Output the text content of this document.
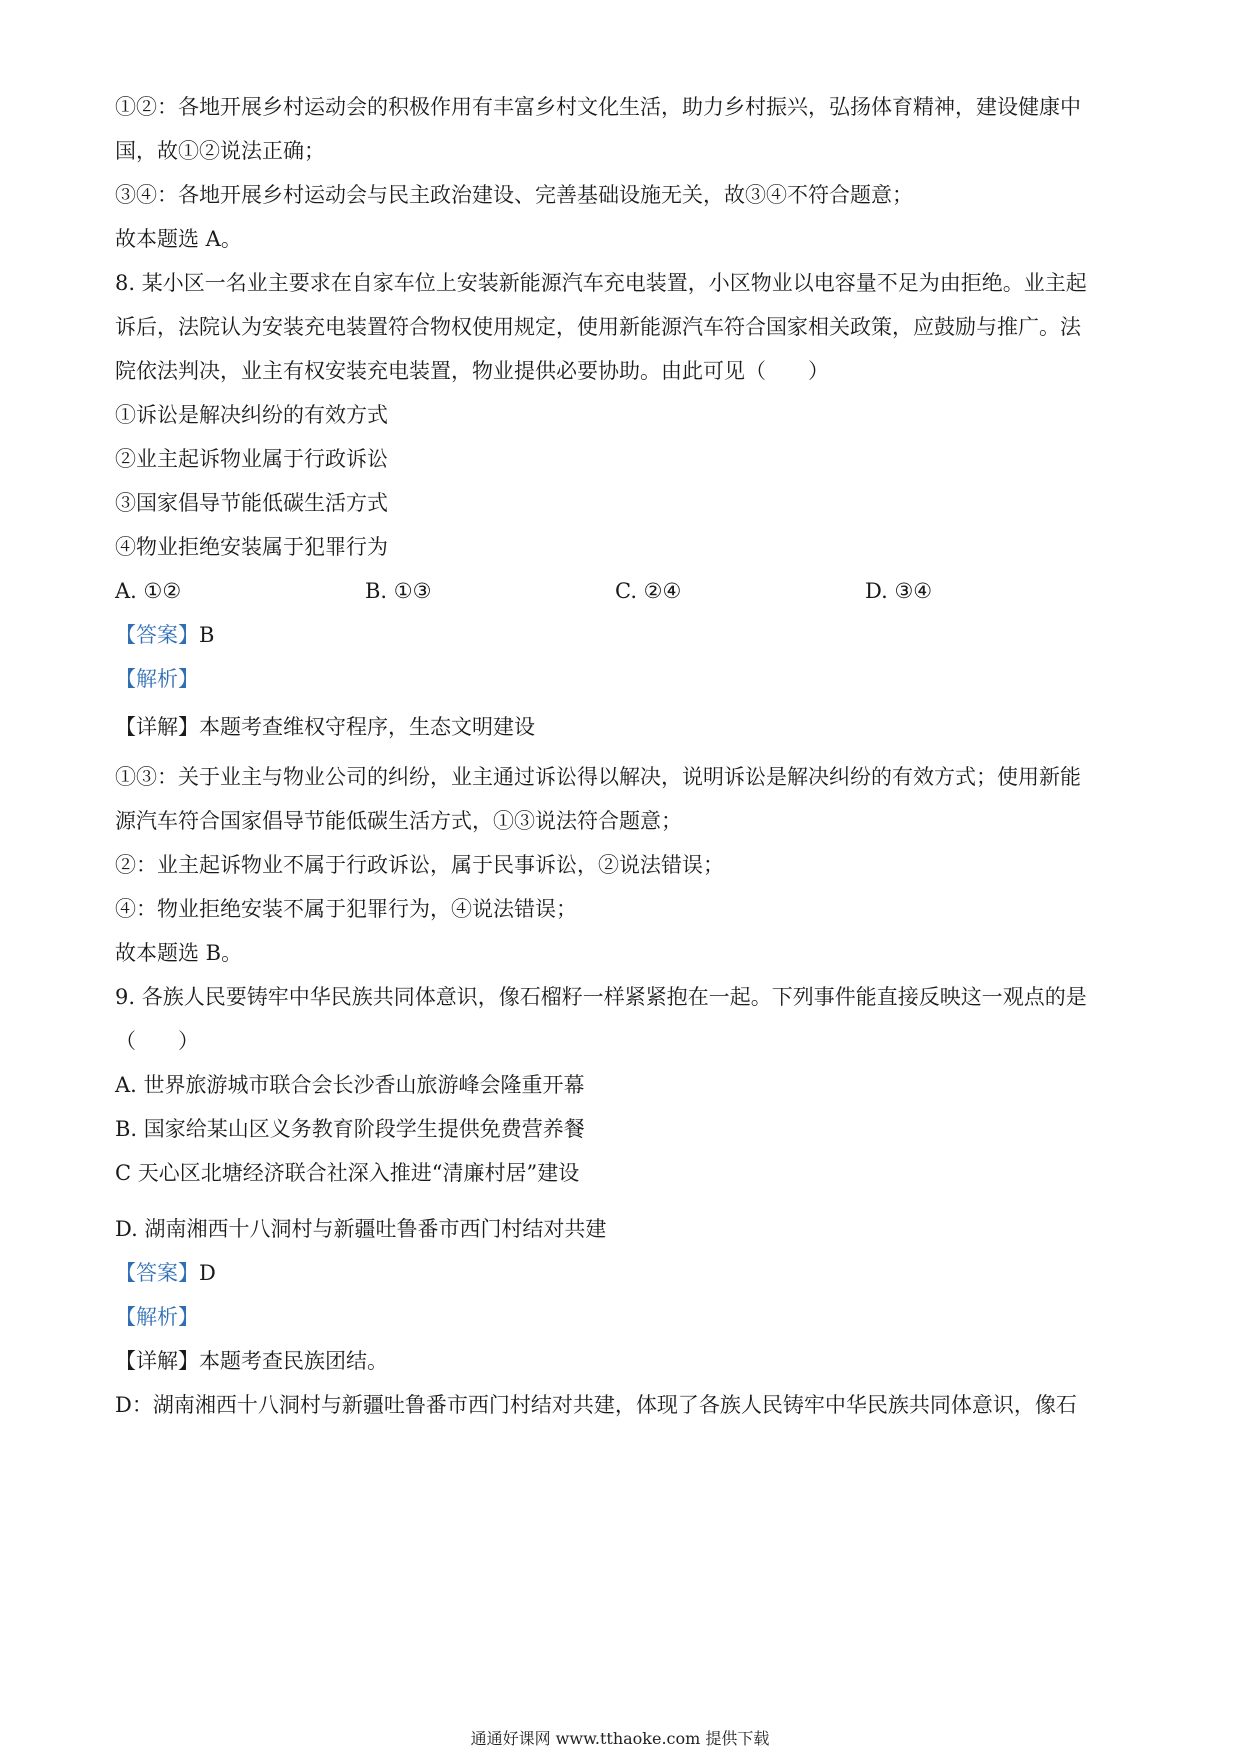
①②：各地开展乡村运动会的积极作用有丰富乡村文化生活，助力乡村振兴，弘扬体育精神，建设健康中
国，故①②说法正确；
③④：各地开展乡村运动会与民主政治建设、完善基础设施无关，故③④不符合题意；
故本题选 A。
8. 某小区一名业主要求在自家车位上安装新能源汽车充电装置，小区物业以电容量不足为由拒绝。业主起
诉后，法院认为安装充电装置符合物权使用规定，使用新能源汽车符合国家相关政策，应鼓励与推广。法
院依法判决，业主有权安装充电装置，物业提供必要协助。由此可见（　　）
①诉讼是解决纠纷的有效方式
②业主起诉物业属于行政诉讼
③国家倡导节能低碳生活方式
④物业拒绝安装属于犯罪行为
A. ①②	B. ①③	C. ②④	D. ③④
【答案】B
【解析】
【详解】本题考查维权守程序，生态文明建设
①③：关于业主与物业公司的纠纷，业主通过诉讼得以解决，说明诉讼是解决纠纷的有效方式；使用新能
源汽车符合国家倡导节能低碳生活方式，①③说法符合题意；
②：业主起诉物业不属于行政诉讼，属于民事诉讼，②说法错误；
④：物业拒绝安装不属于犯罪行为，④说法错误；
故本题选 B。
9. 各族人民要铸牢中华民族共同体意识，像石榴籽一样紧紧抱在一起。下列事件能直接反映这一观点的是
（　　）
A. 世界旅游城市联合会长沙香山旅游峰会隆重开幕
B. 国家给某山区义务教育阶段学生提供免费营养餐
C 天心区北塘经济联合社深入推进“清廉村居”建设
D. 湖南湘西十八洞村与新疆吐鲁番市西门村结对共建
【答案】D
【解析】
【详解】本题考查民族团结。
D：湖南湘西十八洞村与新疆吐鲁番市西门村结对共建，体现了各族人民铸牢中华民族共同体意识，像石
通通好课网 www.tthaoke.com 提供下载
